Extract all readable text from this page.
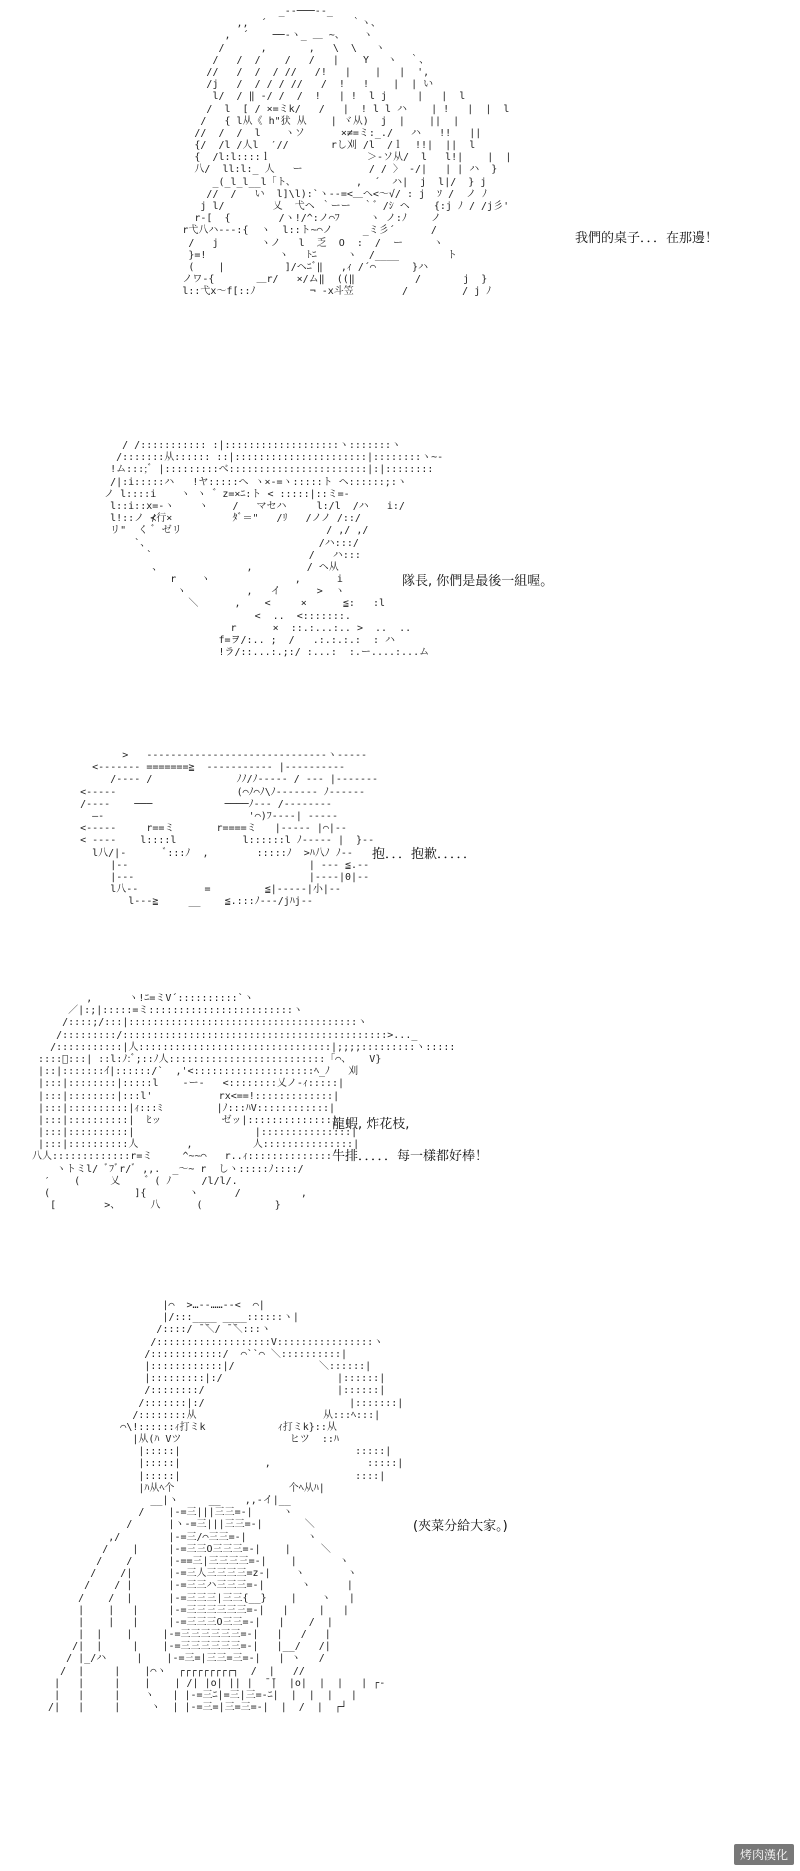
_--───--_
,,  ´              ｀ヽ、
,  ´    ──-ヽ_ ＿ ~、   ヽ
/      ,       ,   \  \   ヽ
/   /  /    /   /   |    Y   ヽ  ｀、
//   /  /  / //   /!   |    |   |  ',
/j   /  / / / //   /  !   !    |  | い
l/  / ‖ -/ /  /  !   | !  l j     |   |  l
/  l  [ / ×=ミk/   /   |  ! l l ハ    | !   |  |  l
/   { l从《 h"犾 从    | ヾ从)  j  |    ||  |
//  /  /  l    ヽソ      ×≠=ミ:_./   ハ   !!   ||
{/  /l /人l  ′//       rし刈 /l  /ｌ  !!|  ||  l
{  /l:l::::ｌ                ＞-ソ从/  l   l!|    |  |
八/  ll:l:_ 人   ー           / / 〉 ‐/|   | | ハ  }
_(_l_l__l「ト、          ,  ´  ハ|  j  l|/  } j
//  /   い  l]\l):`ヽ--=<＿へ<～√/ : j  ｿ /  ノ ﾉ
j l/        乂  弋ヘ ｀ーー  ｀゛/ｼ ヘ    {:j ﾉ / /j彡'
r-[  {        /ヽ!/^:ノ⌒ﾌ     ヽ ノ:ﾉ    ノ
r弋八ハ---:{  ヽ  l::ト~⌒ノ     _ミ彡´      /
/   j       ヽノ   l  乏  O  :  /  ー     ヽ
}=!            ヽ   ﾄﾆ     ヽ  /____        ト
(    |          ]/ヘﾆﾞ‖   ,ｨ /´⌒      }ハ
ノワ-{       ＿r/   ×/ム‖  ((‖          /       j  }
l::弋x～f[::ﾉ         ¬ -x斗笠        /         / j ﾉ
我們的桌子．．．在那邊！
/ /::::::::::: :|:::::::::::::::::::ヽ:::::::ヽ
/:::::::从:::::: ::|::::::::::::::::::::::|::::::::ヽ~-
!ム:::;ﾞ |:::::::::べ:::::::::::::::::::::::|:|::::::::
/|:i:::::ハ   !ヤ:::::へ ヽ×-=ヽ:::::ト ヘ::::::;:ヽ
ノ l::::i    ヽ ヽ ゛z=×ﾆ:ト < :::::|::ミ=-
l::i::x=-ヽ    ヽ    /   マセハ     l:/l  /ハ   i:/
l!::ノ ⊀行×          ﾀﾞ＝"   /ﾘ   /ノノ /::/
リ"  く ﾞ ゼリ                        / ,/ ,/
`、                            /ハ:::/
`                          /   ハ:::
、              ,         / ヘ从
r    ヽ              ,      i
ヽ          ,   イ      >  ヽ
＼      ,    <     ×      ≦:   :l
<  ..  <:::::::.
r      ×  ::.:...:.. >  ..  ..
f=ヲ/:.. ;  /   .:.:.:.:  : ハ
!ラ/::...:.;:/ :...:  :.ー....:...ム
隊長, 你們是最後一組喔。
>   ------------------------------ヽ-----
<------- =======≧  ----------- |----------
/---- /              ﾉﾉ/ﾉ----- / --- |-------
<-----                    (⌒ﾉ⌒ﾉ\ﾉ------- ﾉ------
/----    ───            ────ﾉ--- /--------
―-                        '⌒)ﾌ----| -----
<-----     r==ミ       r====ミ   |----- |⌒|--
< ----    l::::l           l::::::l ﾉ----- |  }--
l八/|-      ﾞ:::ﾉ  ,        :::::ﾉ  >ﾊ八ﾉ ﾉ--
|--                              | --- ≦.--
|---                             |----|0|--
l八--           =         ≦|-----|小|--
l---≧     __    ≦.:::ﾉ---/jﾊj--
抱．．．抱歉．．．．．
,      ヽ!ﾆ=ミV´::::::::::`ヽ
／|:;|:::::=ミ::::::::::::::::::::::::ヽ
/::::;/:::|::::::::::::::::::::::::::::::::::::::ヽ
/:::::::::/::::::::::::::::::::::::::::::::::::::::::::>..._
/:::::::::::|人::::::::::::::::::::::::::::::::|;;;;:::::::::ヽ:::::
::::ﾞ:::| ::l:ﾉ:ﾞ;::ﾉ人::::::::::::::::::::::::::「⌒、   V}
|::|:::::::ｲ|::::::/`  ,'<::::::::::::::::::::ﾍ_ﾉ   刈
|:::|::::::::|:::::l    -ー-   <::::::::乂ノ-ｨ:::::|
|:::|::::::::|:::l'           rx<==!:::::::::::::|
|:::|::::::::::|ｨ:::ﾐ         |ﾉ:::ﾊV::::::::::::|
|:::|::::::::::|  ﾋッ          ゼッ|::::::::::::::|
|:::|::::::::::|                    |:::::::::::::::|
|:::|::::::::::人        ,          人:::::::::::::::|
八人:::::::::::::r=ミ     ^~~⌒   r..ｨ::::::::::::::
ヽトミl/ ﾞﾌﾞr/ﾞ ,,.  _〜~ r  しヽ:::::ﾉ::::/
′    (     乂    ゛( ﾉ     /l/l/.
(              ]{       ヽ      /          ,
[        >、     八      (            }
龍蝦, 炸花枝,
牛排．．．．．每一樣都好棒！
|⌒  >…--……--<  ⌒|
|/:::____ ____::::::ヽ|
/::::/ ̄ ̄＼/ ̄ ̄＼:::ヽ
/:::::::::::::::::::V::::::::::::::::ヽ
/::::::::::::/  ⌒``⌒ ＼::::::::::|
|::::::::::::|/              ＼::::::|
|:::::::::|:/                   |::::::|
/::::::::/                      |::::::|
/:::::::|:/                        |:::::::|
/::::::::从                     从:::ﾍ:::|
⌒\!::::::ｨ打ミk            ｨ打ミk}::从
|从(ﾊ Vツ                  ヒツ  ::ﾊ
|:::::|                             :::::|
|:::::|              ,                :::::|
|:::::|                             ::::|
|ﾊ从ﾍ个                   个ﾍ从ﾊ|
__|ヽ     __    ,,-イ|__
/    |-=三|||三三=-|     ヽ
/      |ヽ-=三|||三三=-|       ＼
,/        |-=三/⌒三三=-|          ヽ
/    |     |-=三三O三三三=-|    |     ＼
/    /      |-==三|三三三三=-|    |       ヽ
/    /|      |-=三人三三三三=z-|    ヽ       ヽ
/    / |      |-=三三ハ三三三=-|      ヽ      |
/    /  |      |-=三三三|三三{__}    |    ヽ   |
|    |   |     |-=三三三三三三=-|   |     |   |
|    |   |     |-=三三三O三三=-|   |    /  |
|  |    |     |-=三三三三三三=-|   |   /   |
/|  |     |    |-=三三三三三三=-|   |__/   /|
/ |_/ハ     |    |-=三=|三三=三=-|   | ヽ   /
/  |     |    |⌒ヽ  ┌┌┌┌┌┌┌┌┌┐  /  |   //
|   |     |    |    | /| |o| || |  ̄ ̄|  |o|  |  |   | ┌-
|   |     |    ヽ   | |-=三ﾆ|=三|三=-ﾆ|  |  |  |   |
/|   |     |     ヽ  | |-=三=|三=三=-|  |  /  |  ┌┘
(夾菜分給大家。)
烤肉漢化
